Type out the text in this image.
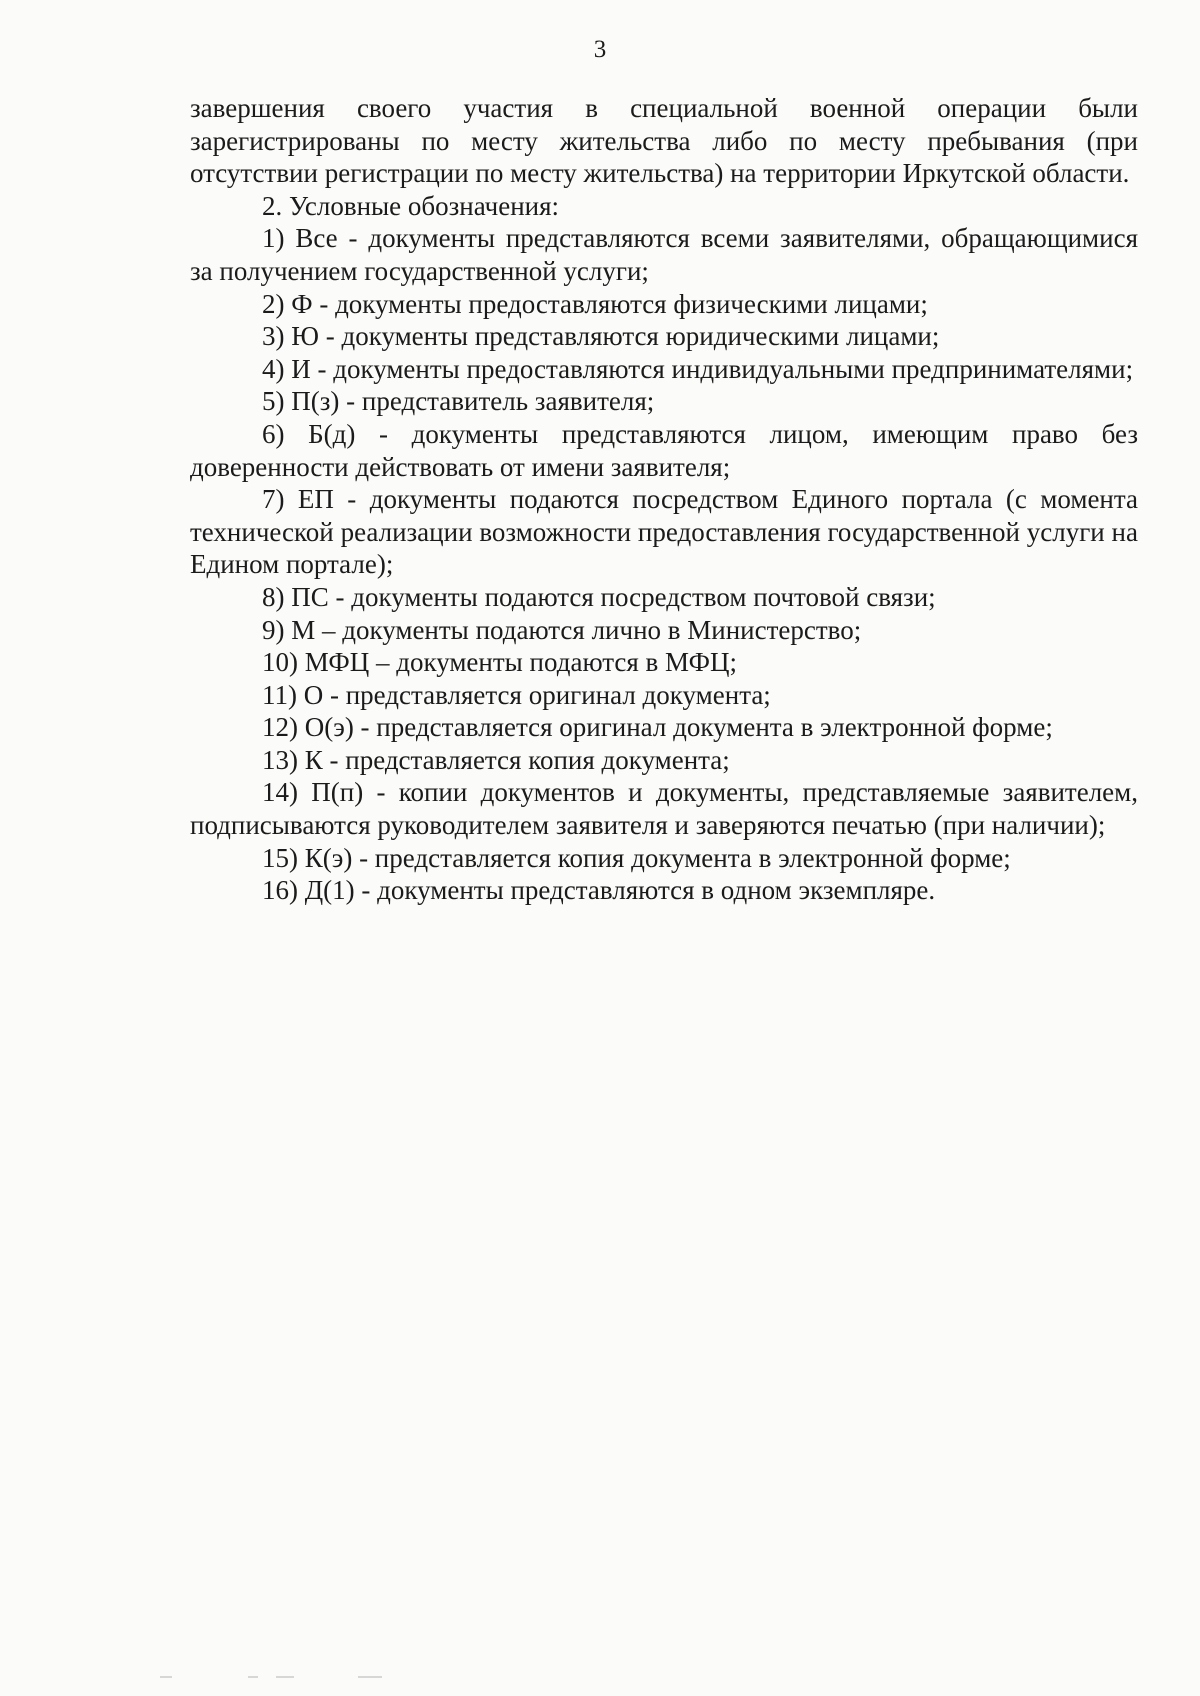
3

завершения своего участия в специальной военной операции были зарегистрированы по месту жительства либо по месту пребывания (при отсутствии регистрации по месту жительства) на территории Иркутской области.

2. Условные обозначения:

1) Все - документы представляются всеми заявителями, обращающимися за получением государственной услуги;

2) Ф - документы предоставляются физическими лицами;

3) Ю - документы представляются юридическими лицами;

4) И - документы предоставляются индивидуальными предпринимателями;

5) П(з) - представитель заявителя;

6) Б(д) - документы представляются лицом, имеющим право без доверенности действовать от имени заявителя;

7) ЕП - документы подаются посредством Единого портала (с момента технической реализации возможности предоставления государственной услуги на Едином портале);

8) ПС - документы подаются посредством почтовой связи;

9) М – документы подаются лично в Министерство;

10) МФЦ – документы подаются в МФЦ;

11) О - представляется оригинал документа;

12) О(э) - представляется оригинал документа в электронной форме;

13) К - представляется копия документа;

14) П(п) - копии документов и документы, представляемые заявителем, подписываются руководителем заявителя и заверяются печатью (при наличии);

15) К(э) - представляется копия документа в электронной форме;

16) Д(1) - документы представляются в одном экземпляре.
